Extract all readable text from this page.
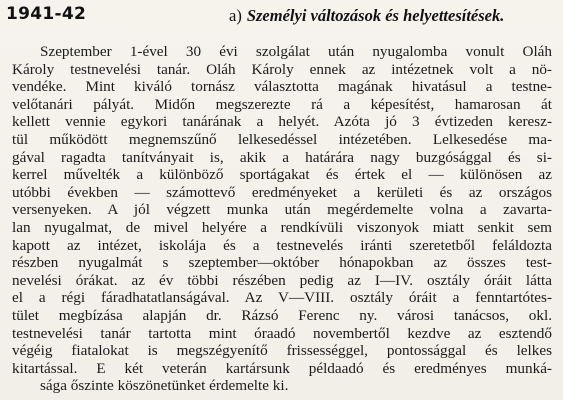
1941-42	a) Személyi változások és helyettesítések.
Szeptember 1-ével 30 évi szolgálat után nyugalomba vonult Oláh
Károly testnevelési tanár. Oláh Károly ennek az intézetnek volt a nö-
vendéke. Mint kiváló tornász választotta magának hivatásul a testne-
velőtanári pályát. Midőn megszerezte rá a képesítést, hamarosan át
kellett vennie egykori tanárának a helyét. Azóta jó 3 évtizeden keresz-
tül működött megnemszűnő lelkesedéssel intézetében. Lelkesedése ma-
gával ragadta tanítványait is, akik a határára nagy buzgósággal és si-
kerrel művelték a különböző sportágakat és értek el — különösen az
utóbbi években — számottevő eredményeket a kerületi és az országos
versenyeken. A jól végzett munka után megérdemelte volna a zavartа-
lan nyugalmat, de mivel helyére a rendkívüli viszonyok miatt senkit sem
kapott az intézet, iskolája és a testnevelés iránti szeretetből feláldozta
részben nyugalmát s szeptember—október hónapokban az összes test-
nevelési órákat. az év többi részében pedig az I—IV. osztály óráit látta
el a régi fáradhatatlanságával. Az V—VIII. osztály óráit a fenntartótes-
tület megbízása alapján dr. Rázsó Ferenc ny. városi tanácsos, okl.
testnevelési tanár tartotta mint óraadó novembertől kezdve az esztendő
végéig fiatalokat is megszégyenítő frissességgel, pontossággal és lelkes
kitartással. E két veterán kartársunk példaadó és eredményes munká-
sága őszinte köszönetünket érdemelte ki.
